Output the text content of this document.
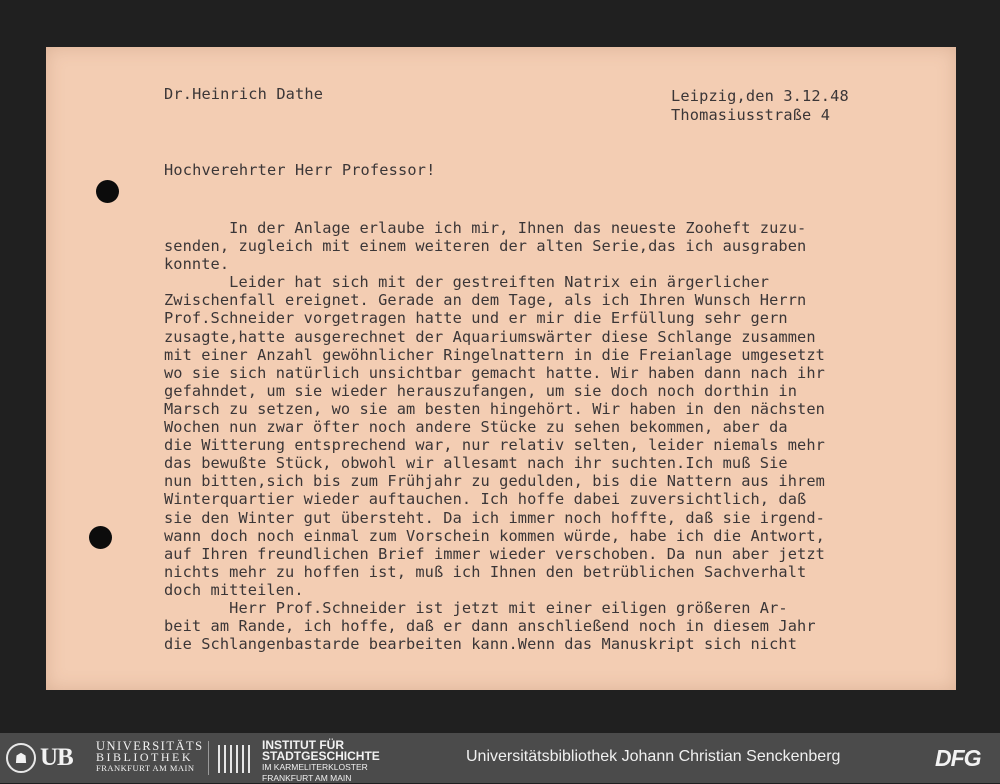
Dr.Heinrich Dathe	Leipzig,den 3.12.48
Thomasiusstraße 4
Hochverehrter Herr Professor!
In der Anlage erlaube ich mir, Ihnen das neueste Zooheft zuzu-
senden, zugleich mit einem weiteren der alten Serie,das ich ausgraben
konnte.
Leider hat sich mit der gestreiften Natrix ein ärgerlicher
Zwischenfall ereignet. Gerade an dem Tage, als ich Ihren Wunsch Herrn
Prof.Schneider vorgetragen hatte und er mir die Erfüllung sehr gern
zusagte,hatte ausgerechnet der Aquariumswärter diese Schlange zusammen
mit einer Anzahl gewöhnlicher Ringelnattern in die Freianlage umgesetzt
wo sie sich natürlich unsichtbar gemacht hatte. Wir haben dann nach ihr
gefahndet, um sie wieder herauszufangen, um sie doch noch dorthin in
Marsch zu setzen, wo sie am besten hingehört. Wir haben in den nächsten
Wochen nun zwar öfter noch andere Stücke zu sehen bekommen, aber da
die Witterung entsprechend war, nur relativ selten, leider niemals mehr
das bewußte Stück, obwohl wir allesamt nach ihr suchten.Ich muß Sie
nun bitten,sich bis zum Frühjahr zu gedulden, bis die Nattern aus ihrem
Winterquartier wieder auftauchen. Ich hoffe dabei zuversichtlich, daß
sie den Winter gut übersteht. Da ich immer noch hoffte, daß sie irgend-
wann doch noch einmal zum Vorschein kommen würde, habe ich die Antwort,
auf Ihren freundlichen Brief immer wieder verschoben. Da nun aber jetzt
nichts mehr zu hoffen ist, muß ich Ihnen den betrüblichen Sachverhalt
doch mitteilen.
Herr Prof.Schneider ist jetzt mit einer eiligen größeren Ar-
beit am Rande, ich hoffe, daß er dann anschließend noch in diesem Jahr
die Schlangenbastarde bearbeiten kann.Wenn das Manuskript sich nicht
☗ UB UNIVERSITÄTS
BIBLIOTHEK
FRANKFURT AM MAIN
INSTITUT FÜR
STADTGESCHICHTE
IM KARMELITERKLOSTER
FRANKFURT AM MAIN
Universitätsbibliothek Johann Christian Senckenberg	DFG
